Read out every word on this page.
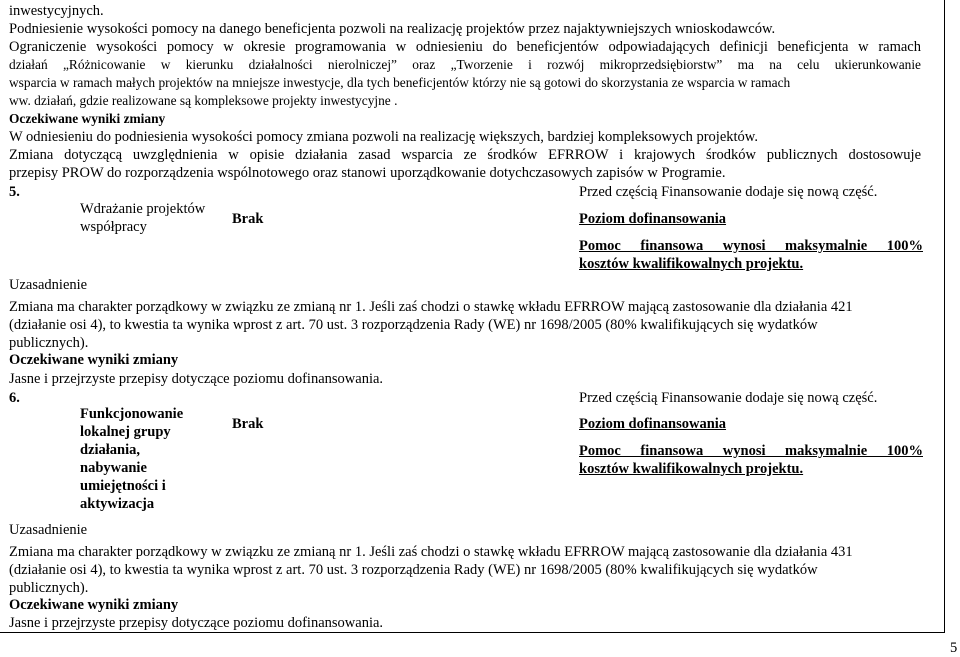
inwestycyjnych.
Podniesienie wysokości pomocy na danego beneficjenta pozwoli na realizację projektów przez najaktywniejszych wnioskodawców.
Ograniczenie wysokości pomocy w okresie programowania w odniesieniu do beneficjentów odpowiadających definicji beneficjenta w ramach
działań „Różnicowanie w kierunku działalności nierolniczej” oraz „Tworzenie i rozwój mikroprzedsiębiorstw” ma na celu ukierunkowanie
wsparcia w ramach małych projektów na mniejsze inwestycje, dla tych beneficjentów którzy nie są gotowi do skorzystania ze wsparcia w ramach
ww. działań, gdzie realizowane są kompleksowe projekty inwestycyjne .
Oczekiwane wyniki zmiany
W odniesieniu do podniesienia wysokości pomocy zmiana pozwoli na realizację większych, bardziej kompleksowych projektów.
Zmiana dotyczącą uwzględnienia w opisie działania zasad wsparcia ze środków EFRROW i krajowych środków publicznych dostosowuje
przepisy PROW do rozporządzenia wspólnotowego oraz stanowi uporządkowanie dotychczasowych zapisów w Programie.
5.
Wdrażanie projektów
współpracy	Brak
Przed częścią Finansowanie dodaje się nową część.
Poziom dofinansowania
Pomoc finansowa wynosi maksymalnie 100%
kosztów kwalifikowalnych projektu.
Uzasadnienie
Zmiana ma charakter porządkowy w związku ze zmianą nr 1. Jeśli zaś chodzi o stawkę wkładu EFRROW mającą zastosowanie dla działania 421
(działanie osi 4), to kwestia ta wynika wprost z art. 70 ust. 3 rozporządzenia Rady (WE) nr 1698/2005 (80% kwalifikujących się wydatków
publicznych).
Oczekiwane wyniki zmiany
Jasne i przejrzyste przepisy dotyczące poziomu dofinansowania.
6.
Funkcjonowanie
lokalnej grupy
działania,
nabywanie
umiejętności i
aktywizacja
Brak
Przed częścią Finansowanie dodaje się nową część.
Poziom dofinansowania
Pomoc finansowa wynosi maksymalnie 100%
kosztów kwalifikowalnych projektu.
Uzasadnienie
Zmiana ma charakter porządkowy w związku ze zmianą nr 1. Jeśli zaś chodzi o stawkę wkładu EFRROW mającą zastosowanie dla działania 431
(działanie osi 4), to kwestia ta wynika wprost z art. 70 ust. 3 rozporządzenia Rady (WE) nr 1698/2005 (80% kwalifikujących się wydatków
publicznych).
Oczekiwane wyniki zmiany
Jasne i przejrzyste przepisy dotyczące poziomu dofinansowania.
5
